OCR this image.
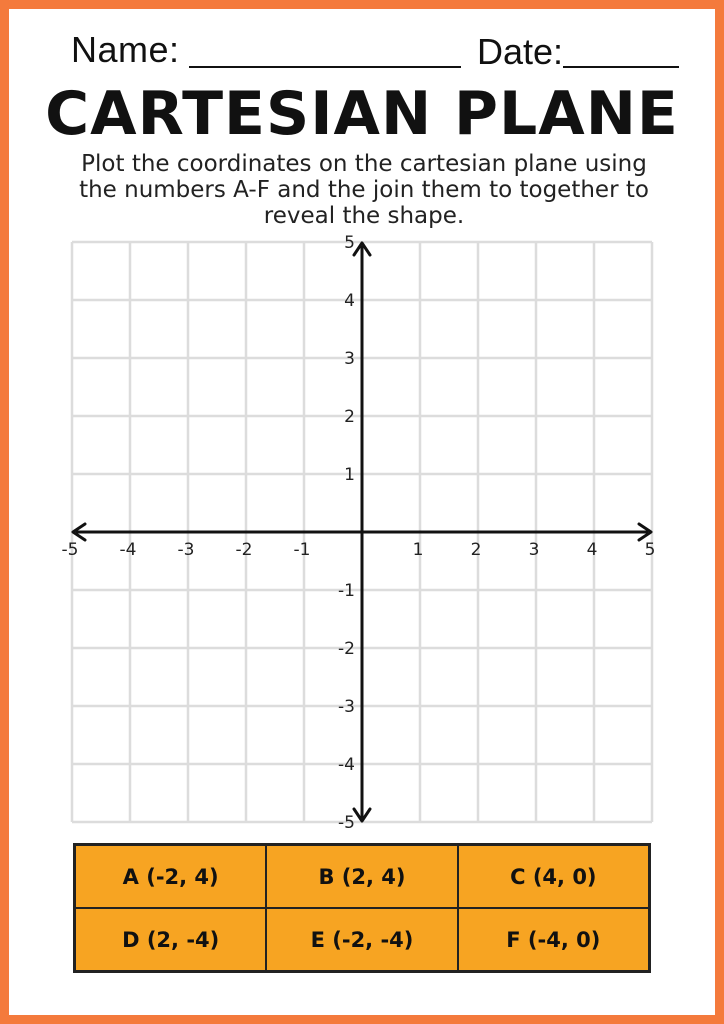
Name:	Date:
CARTESIAN PLANE
Plot the coordinates on the cartesian plane using the numbers A-F and the join them to together to reveal the shape.
-5 -4 -3 -2 -1	1	2	3	4	5
5
4
3
2
1
-1
-2
-3
-4
-5
A (-2, 4)	B (2, 4)	C (4, 0)
D (2, -4)	E (-2, -4)	F (-4, 0)
